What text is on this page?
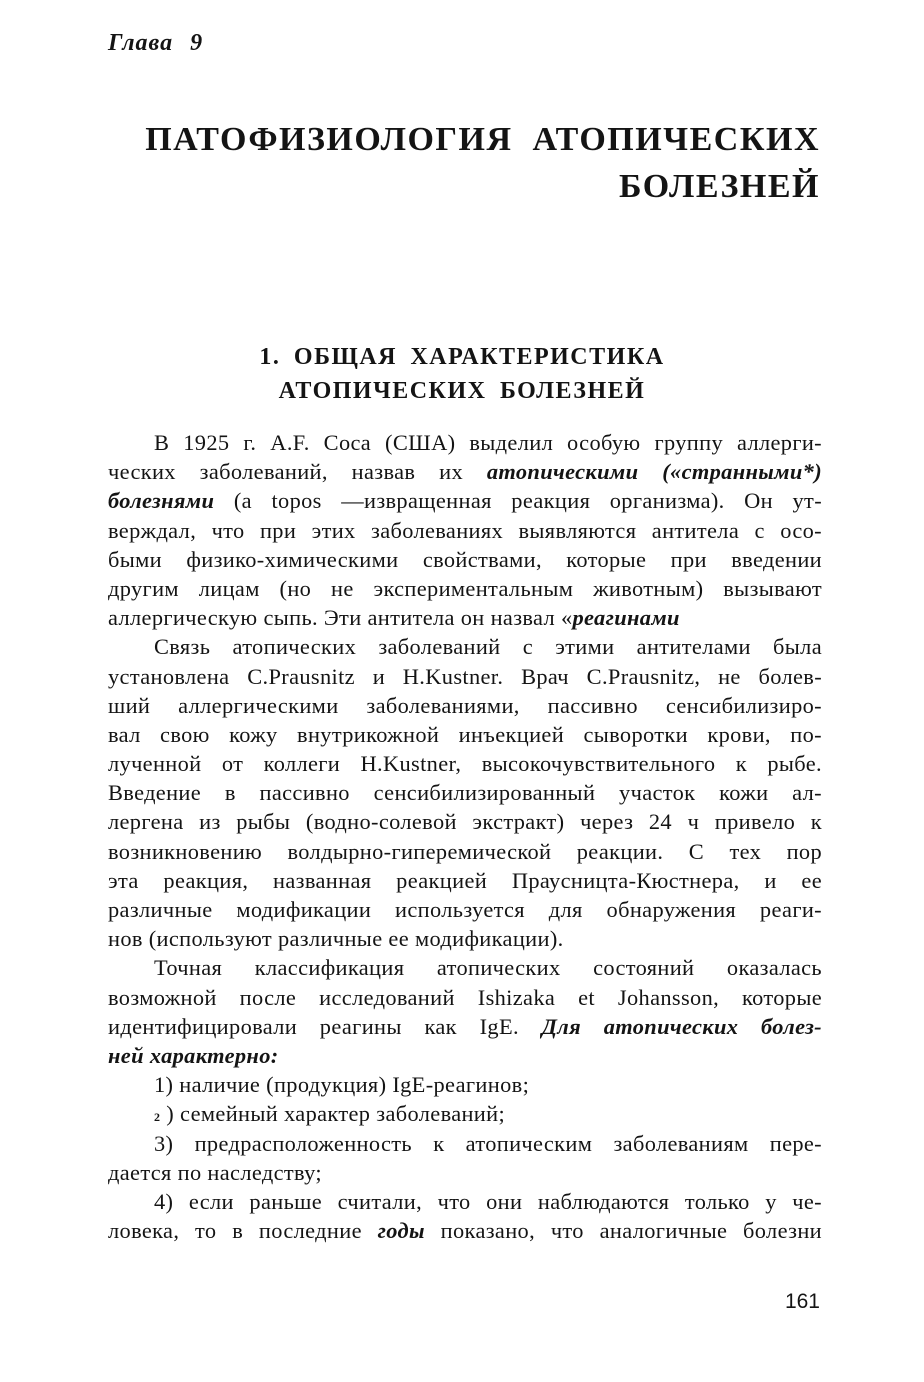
Глава 9
ПАТОФИЗИОЛОГИЯ АТОПИЧЕСКИХ
БОЛЕЗНЕЙ
1. ОБЩАЯ ХАРАКТЕРИСТИКА
АТОПИЧЕСКИХ БОЛЕЗНЕЙ
В 1925 г. A.F. Coca (США) выделил особую группу аллерги-
ческих заболеваний, назвав их атопическими («странными*)
болезнями (a topos —извращенная реакция организма). Он ут-
верждал, что при этих заболеваниях выявляются антитела с осо-
быми физико-химическими свойствами, которые при введении
другим лицам (но не экспериментальным животным) вызывают
аллергическую сыпь. Эти антитела он назвал «реагинами
Связь атопических заболеваний с этими антителами была
установлена C.Prausnitz и H.Kustner. Врач C.Prausnitz, не болев-
ший аллергическими заболеваниями, пассивно сенсибилизиро-
вал свою кожу внутрикожной инъекцией сыворотки крови, по-
лученной от коллеги H.Kustner, высокочувствительного к рыбе.
Введение в пассивно сенсибилизированный участок кожи ал-
лергена из рыбы (водно-солевой экстракт) через 24 ч привело к
возникновению волдырно-гиперемической реакции. С тех пор
эта реакция, названная реакцией Праусницта-Кюстнера, и ее
различные модификации используется для обнаружения реаги-
нов (используют различные ее модификации).
Точная классификация атопических состояний оказалась
возможной после исследований Ishizaka et Johansson, которые
идентифицировали реагины как IgE. Для атопических болез-
ней характерно:
1) наличие (продукция) IgE-реагинов;
2 ) семейный характер заболеваний;
3) предрасположенность к атопическим заболеваниям пере-
дается по наследству;
4) если раньше считали, что они наблюдаются только у че-
ловека, то в последние годы показано, что аналогичные болезни
161
